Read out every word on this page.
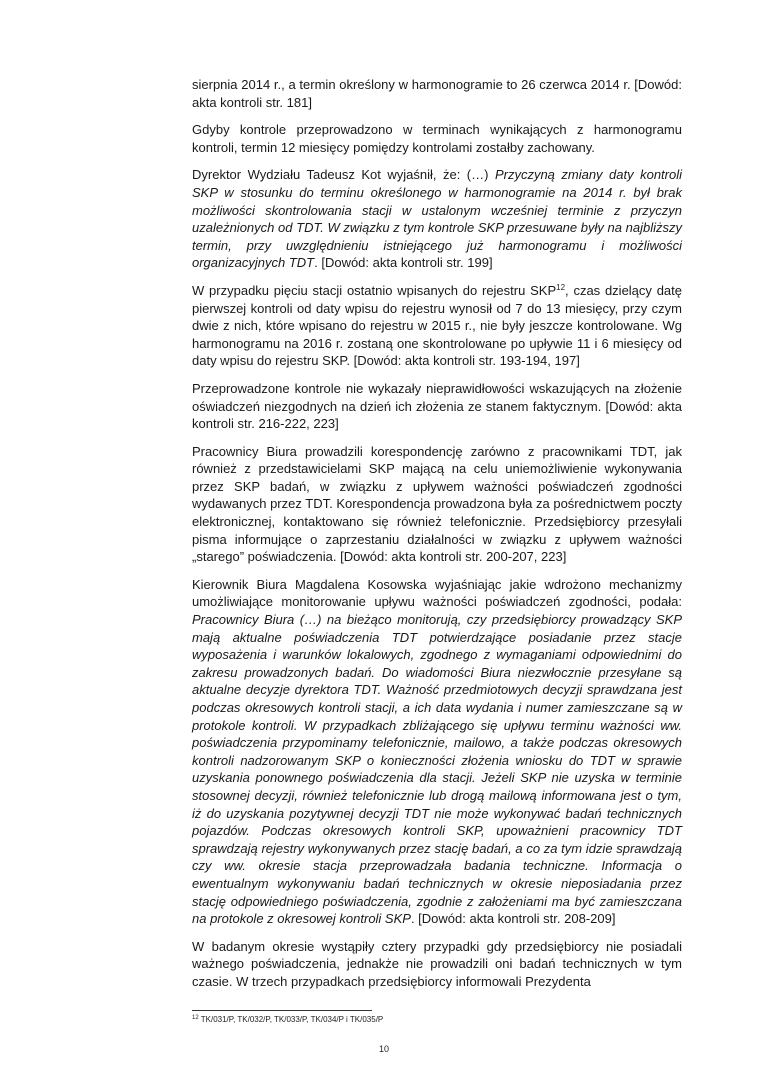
sierpnia 2014 r., a termin określony w harmonogramie to 26 czerwca 2014 r. [Dowód: akta kontroli str. 181]

Gdyby kontrole przeprowadzono w terminach wynikających z harmonogramu kontroli, termin 12 miesięcy pomiędzy kontrolami zostałby zachowany.

Dyrektor Wydziału Tadeusz Kot wyjaśnił, że: (…) Przyczyną zmiany daty kontroli SKP w stosunku do terminu określonego w harmonogramie na 2014 r. był brak możliwości skontrolowania stacji w ustalonym wcześniej terminie z przyczyn uzależnionych od TDT. W związku z tym kontrole SKP przesuwane były na najbliższy termin, przy uwzględnieniu istniejącego już harmonogramu i możliwości organizacyjnych TDT. [Dowód: akta kontroli str. 199]

W przypadku pięciu stacji ostatnio wpisanych do rejestru SKP$^{12}$, czas dzielący datę pierwszej kontroli od daty wpisu do rejestru wynosił od 7 do 13 miesięcy, przy czym dwie z nich, które wpisano do rejestru w 2015 r., nie były jeszcze kontrolowane. Wg harmonogramu na 2016 r. zostaną one skontrolowane po upływie 11 i 6 miesięcy od daty wpisu do rejestru SKP. [Dowód: akta kontroli str. 193-194, 197]

Przeprowadzone kontrole nie wykazały nieprawidłowości wskazujących na złożenie oświadczeń niezgodnych na dzień ich złożenia ze stanem faktycznym. [Dowód: akta kontroli str. 216-222, 223]

Pracownicy Biura prowadzili korespondencję zarówno z pracownikami TDT, jak również z przedstawicielami SKP mającą na celu uniemożliwienie wykonywania przez SKP badań, w związku z upływem ważności poświadczeń zgodności wydawanych przez TDT. Korespondencja prowadzona była za pośrednictwem poczty elektronicznej, kontaktowano się również telefonicznie. Przedsiębiorcy przesyłali pisma informujące o zaprzestaniu działalności w związku z upływem ważności „starego” poświadczenia. [Dowód: akta kontroli str. 200-207, 223]

Kierownik Biura Magdalena Kosowska wyjaśniając jakie wdrożono mechanizmy umożliwiające monitorowanie upływu ważności poświadczeń zgodności, podała: Pracownicy Biura (…) na bieżąco monitorują, czy przedsiębiorcy prowadzący SKP mają aktualne poświadczenia TDT potwierdzające posiadanie przez stacje wyposażenia i warunków lokalowych, zgodnego z wymaganiami odpowiednimi do zakresu prowadzonych badań. Do wiadomości Biura niezwłocznie przesyłane są aktualne decyzje dyrektora TDT. Ważność przedmiotowych decyzji sprawdzana jest podczas okresowych kontroli stacji, a ich data wydania i numer zamieszczane są w protokole kontroli. W przypadkach zbliżającego się upływu terminu ważności ww. poświadczenia przypominamy telefonicznie, mailowo, a także podczas okresowych kontroli nadzorowanym SKP o konieczności złożenia wniosku do TDT w sprawie uzyskania ponownego poświadczenia dla stacji. Jeżeli SKP nie uzyska w terminie stosownej decyzji, również telefonicznie lub drogą mailową informowana jest o tym, iż do uzyskania pozytywnej decyzji TDT nie może wykonywać badań technicznych pojazdów. Podczas okresowych kontroli SKP, upoważnieni pracownicy TDT sprawdzają rejestry wykonywanych przez stację badań, a co za tym idzie sprawdzają czy ww. okresie stacja przeprowadzała badania techniczne. Informacja o ewentualnym wykonywaniu badań technicznych w okresie nieposiadania przez stację odpowiedniego poświadczenia, zgodnie z założeniami ma być zamieszczana na protokole z okresowej kontroli SKP. [Dowód: akta kontroli str. 208-209]

W badanym okresie wystąpiły cztery przypadki gdy przedsiębiorcy nie posiadali ważnego poświadczenia, jednakże nie prowadzili oni badań technicznych w tym czasie. W trzech przypadkach przedsiębiorcy informowali Prezydenta

$^{12}$ TK/031/P, TK/032/P, TK/033/P, TK/034/P i TK/035/P
10
